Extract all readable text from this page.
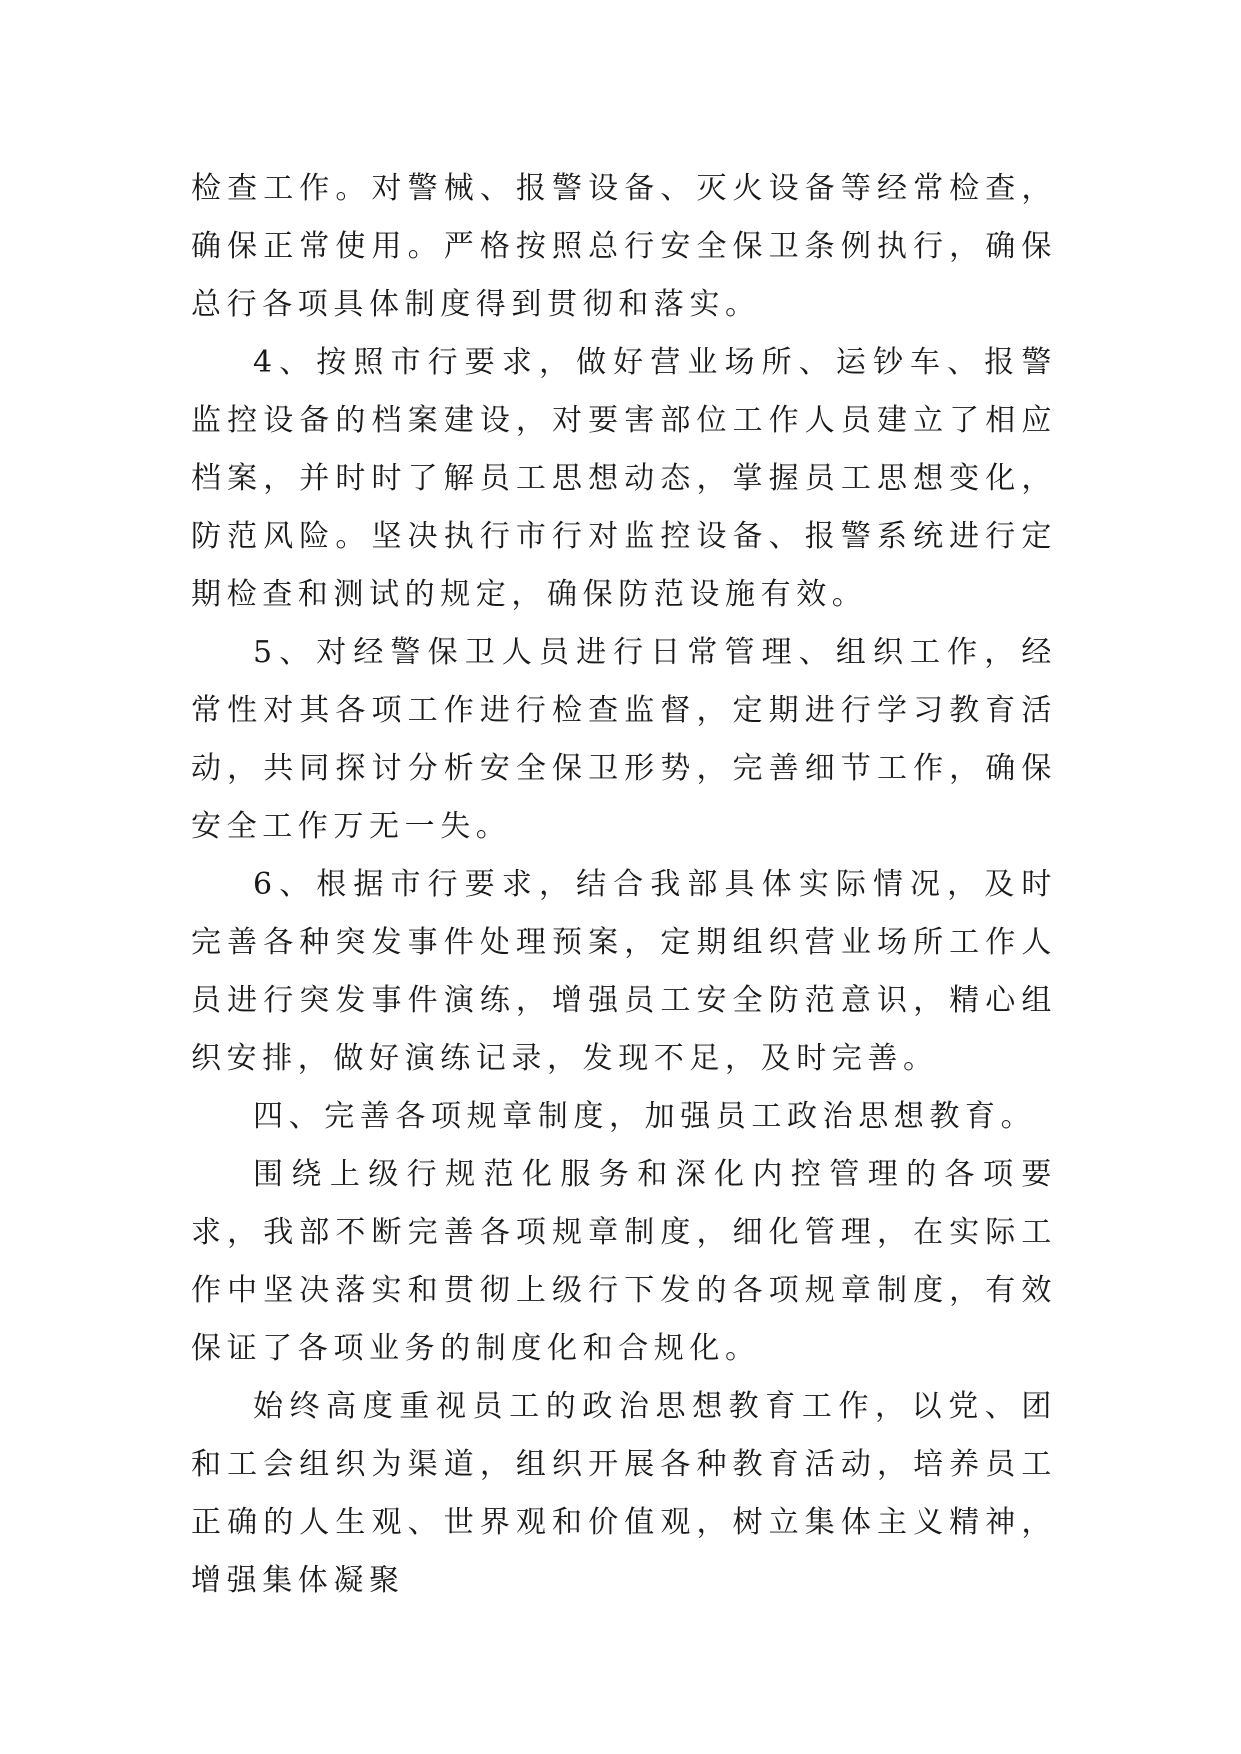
检查工作。对警械、报警设备、灭火设备等经常检查，确保正常使用。严格按照总行安全保卫条例执行，确保总行各项具体制度得到贯彻和落实。

4、按照市行要求，做好营业场所、运钞车、报警监控设备的档案建设，对要害部位工作人员建立了相应档案，并时时了解员工思想动态，掌握员工思想变化，防范风险。坚决执行市行对监控设备、报警系统进行定期检查和测试的规定，确保防范设施有效。

5、对经警保卫人员进行日常管理、组织工作，经常性对其各项工作进行检查监督，定期进行学习教育活动，共同探讨分析安全保卫形势，完善细节工作，确保安全工作万无一失。

6、根据市行要求，结合我部具体实际情况，及时完善各种突发事件处理预案，定期组织营业场所工作人员进行突发事件演练，增强员工安全防范意识，精心组织安排，做好演练记录，发现不足，及时完善。

四、完善各项规章制度，加强员工政治思想教育。

围绕上级行规范化服务和深化内控管理的各项要求，我部不断完善各项规章制度，细化管理，在实际工作中坚决落实和贯彻上级行下发的各项规章制度，有效保证了各项业务的制度化和合规化。

始终高度重视员工的政治思想教育工作，以党、团和工会组织为渠道，组织开展各种教育活动，培养员工正确的人生观、世界观和价值观，树立集体主义精神，增强集体凝聚
